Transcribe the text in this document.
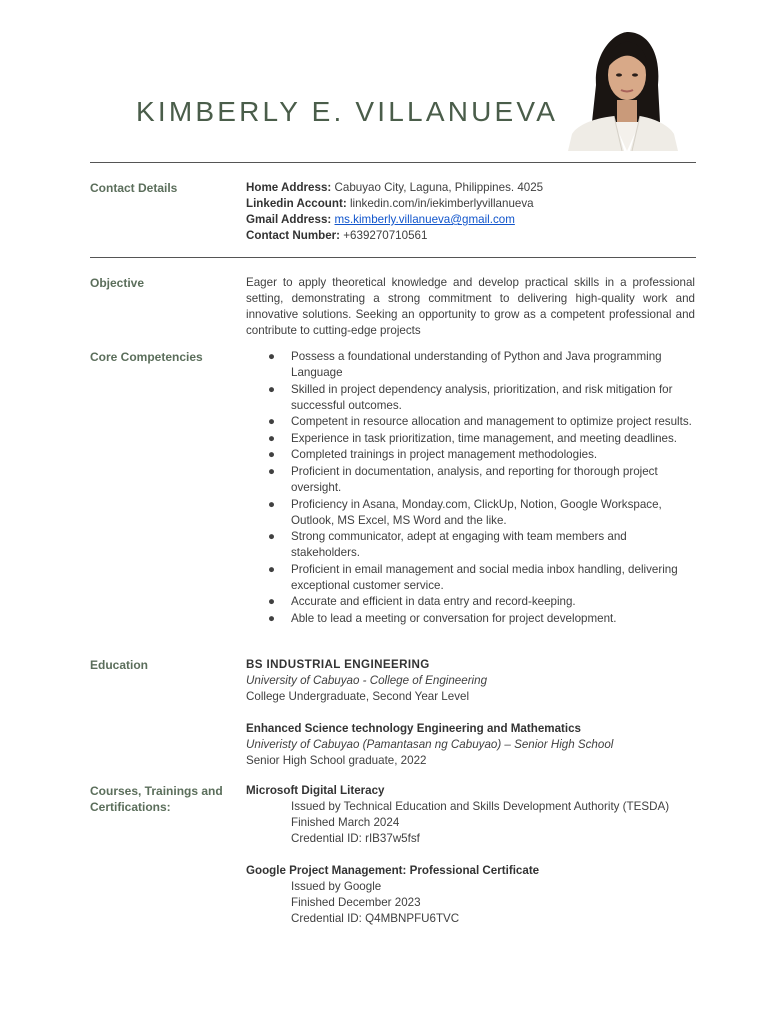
KIMBERLY E. VILLANUEVA
Contact Details	Home Address: Cabuyao City, Laguna, Philippines. 4025
Linkedin Account: linkedin.com/in/iekimberlyvillanueva
Gmail Address: ms.kimberly.villanueva@gmail.com
Contact Number: +639270710561
Objective	Eager to apply theoretical knowledge and develop practical skills in a professional setting, demonstrating a strong commitment to delivering high-quality work and innovative solutions. Seeking an opportunity to grow as a competent professional and contribute to cutting-edge projects
Core Competencies	● Possess a foundational understanding of Python and Java programming Language
● Skilled in project dependency analysis, prioritization, and risk mitigation for successful outcomes.
● Competent in resource allocation and management to optimize project results.
● Experience in task prioritization, time management, and meeting deadlines.
● Completed trainings in project management methodologies.
● Proficient in documentation, analysis, and reporting for thorough project oversight.
● Proficiency in Asana, Monday.com, ClickUp, Notion, Google Workspace, Outlook, MS Excel, MS Word and the like.
● Strong communicator, adept at engaging with team members and stakeholders.
● Proficient in email management and social media inbox handling, delivering exceptional customer service.
● Accurate and efficient in data entry and record-keeping.
● Able to lead a meeting or conversation for project development.
Education	BS INDUSTRIAL ENGINEERING
University of Cabuyao - College of Engineering
College Undergraduate, Second Year Level
Enhanced Science technology Engineering and Mathematics
Univeristy of Cabuyao (Pamantasan ng Cabuyao) – Senior High School
Senior High School graduate, 2022
Courses, Trainings and Certifications:
Microsoft Digital Literacy
Issued by Technical Education and Skills Development Authority (TESDA)
Finished March 2024
Credential ID: rIB37w5fsf
Google Project Management: Professional Certificate
Issued by Google
Finished December 2023
Credential ID: Q4MBNPFU6TVC
